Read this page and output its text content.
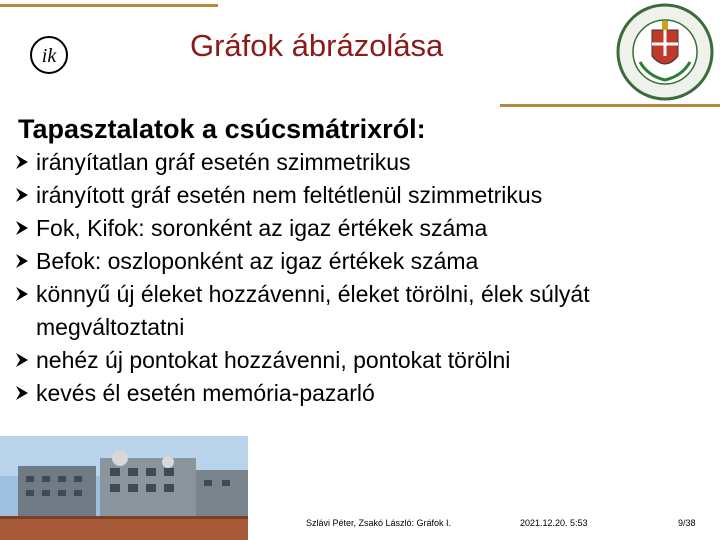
ik	Gráfok ábrázolása
Tapasztalatok a csúcsmátrixról:
irányítatlan gráf esetén szimmetrikus
irányított gráf esetén nem feltétlenül szimmetrikus
Fok, Kifok: soronként az igaz értékek száma
Befok: oszloponként az igaz értékek száma
könnyű új éleket hozzávenni, éleket törölni, élek súlyát megváltoztatni
nehéz új pontokat hozzávenni, pontokat törölni
kevés él esetén memória-pazarló
Szlávi Péter, Zsakó László: Gráfok I.	2021.12.20. 5:53	9/38
